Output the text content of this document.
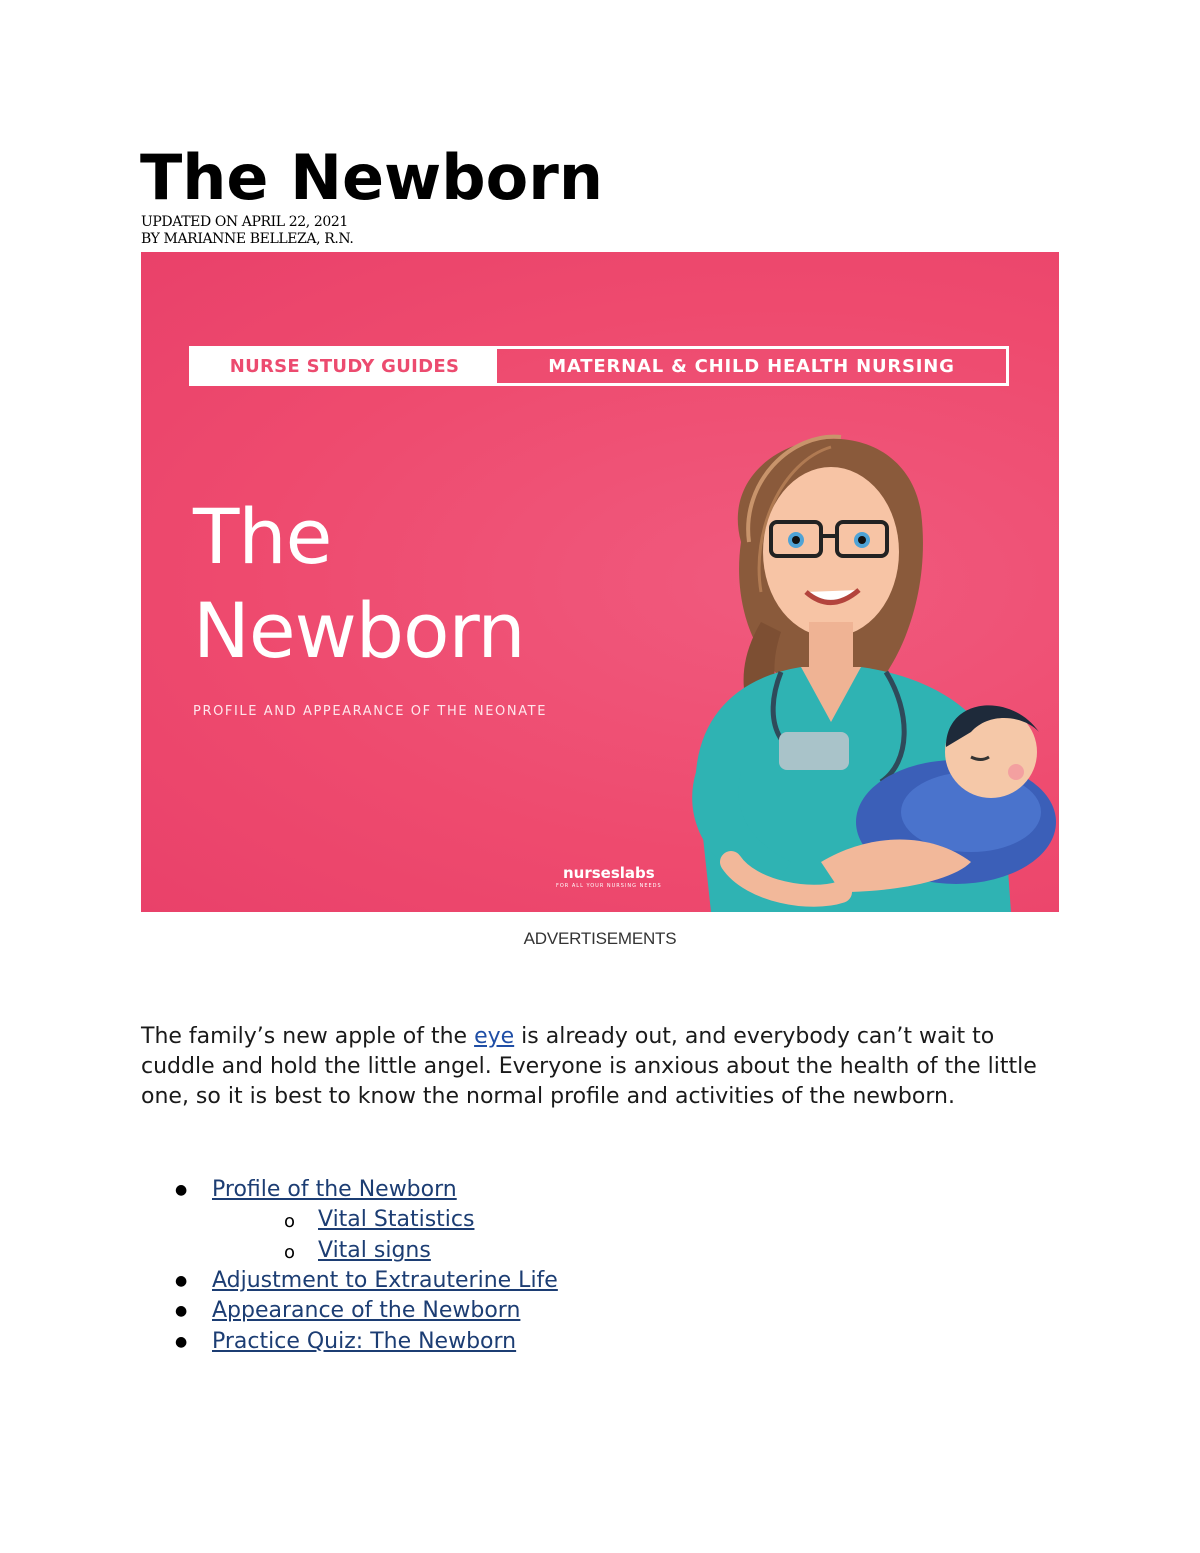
The Newborn
UPDATED ON APRIL 22, 2021
BY MARIANNE BELLEZA, R.N.
NURSE STUDY GUIDES	MATERNAL & CHILD HEALTH NURSING
The
Newborn
PROFILE AND APPEARANCE OF THE NEONATE
nurseslabs
FOR ALL YOUR NURSING NEEDS
ADVERTISEMENTS

The family’s new apple of the eye is already out, and everybody can’t wait to cuddle and hold the little angel. Everyone is anxious about the health of the little one, so it is best to know the normal profile and activities of the newborn.

● Profile of the Newborn
o Vital Statistics
o Vital signs
● Adjustment to Extrauterine Life
● Appearance of the Newborn
● Practice Quiz: The Newborn
